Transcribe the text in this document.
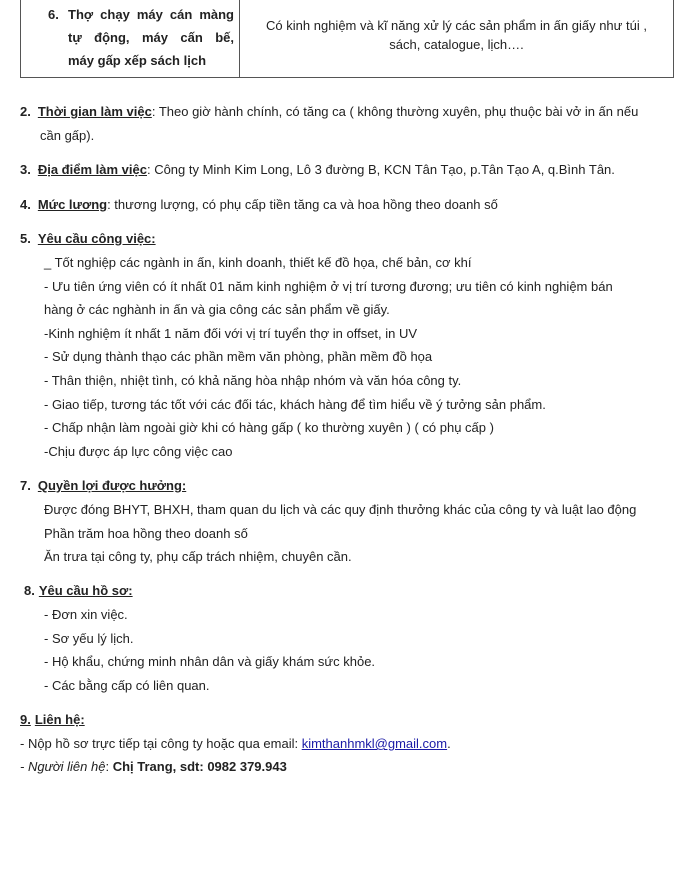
6. Thợ chạy máy cán màng
tự động, máy cấn bế,
máy gấp xếp sách lịch
Có kinh nghiệm và kĩ năng xử lý các sản phẩm in ấn giấy như túi , sách, catalogue, lịch….
2. Thời gian làm việc: Theo giờ hành chính, có tăng ca ( không thường xuyên, phụ thuộc bài vở in ấn nếu
cần gấp).
3. Địa điểm làm việc: Công ty Minh Kim Long, Lô 3 đường B, KCN Tân Tạo, p.Tân Tạo A, q.Bình Tân.
4. Mức lương: thương lượng, có phụ cấp tiền tăng ca và hoa hồng theo doanh số
5. Yêu cầu công việc:
_ Tốt nghiệp các ngành in ấn, kinh doanh, thiết kế đồ họa, chế bản, cơ khí
- Ưu tiên ứng viên có ít nhất 01 năm kinh nghiệm ở vị trí tương đương; ưu tiên có kinh nghiệm bán
hàng ở các nghành in ấn và gia công các sản phẩm về giấy.
-Kinh nghiệm ít nhất 1 năm đối với vị trí tuyển thợ in offset, in UV
- Sử dụng thành thạo các phần mềm văn phòng, phần mềm đồ họa
- Thân thiện, nhiệt tình, có khả năng hòa nhập nhóm và văn hóa công ty.
- Giao tiếp, tương tác tốt với các đối tác, khách hàng để tìm hiểu về ý tưởng sản phẩm.
- Chấp nhận làm ngoài giờ khi có hàng gấp ( ko thường xuyên ) ( có phụ cấp )
-Chịu được áp lực công việc cao
7. Quyền lợi được hưởng:
Được đóng BHYT, BHXH, tham quan du lịch và các quy định thưởng khác của công ty và luật lao động
Phần trăm hoa hồng theo doanh số
Ăn trưa tại công ty, phụ cấp trách nhiệm, chuyên cần.
8. Yêu cầu hồ sơ:
- Đơn xin việc.
- Sơ yếu lý lịch.
- Hộ khẩu, chứng minh nhân dân và giấy khám sức khỏe.
- Các bằng cấp có liên quan.
9. Liên hệ:
- Nộp hồ sơ trực tiếp tại công ty hoặc qua email: kimthanhmkl@gmail.com.
- Người liên hệ: Chị Trang, sdt: 0982 379.943
